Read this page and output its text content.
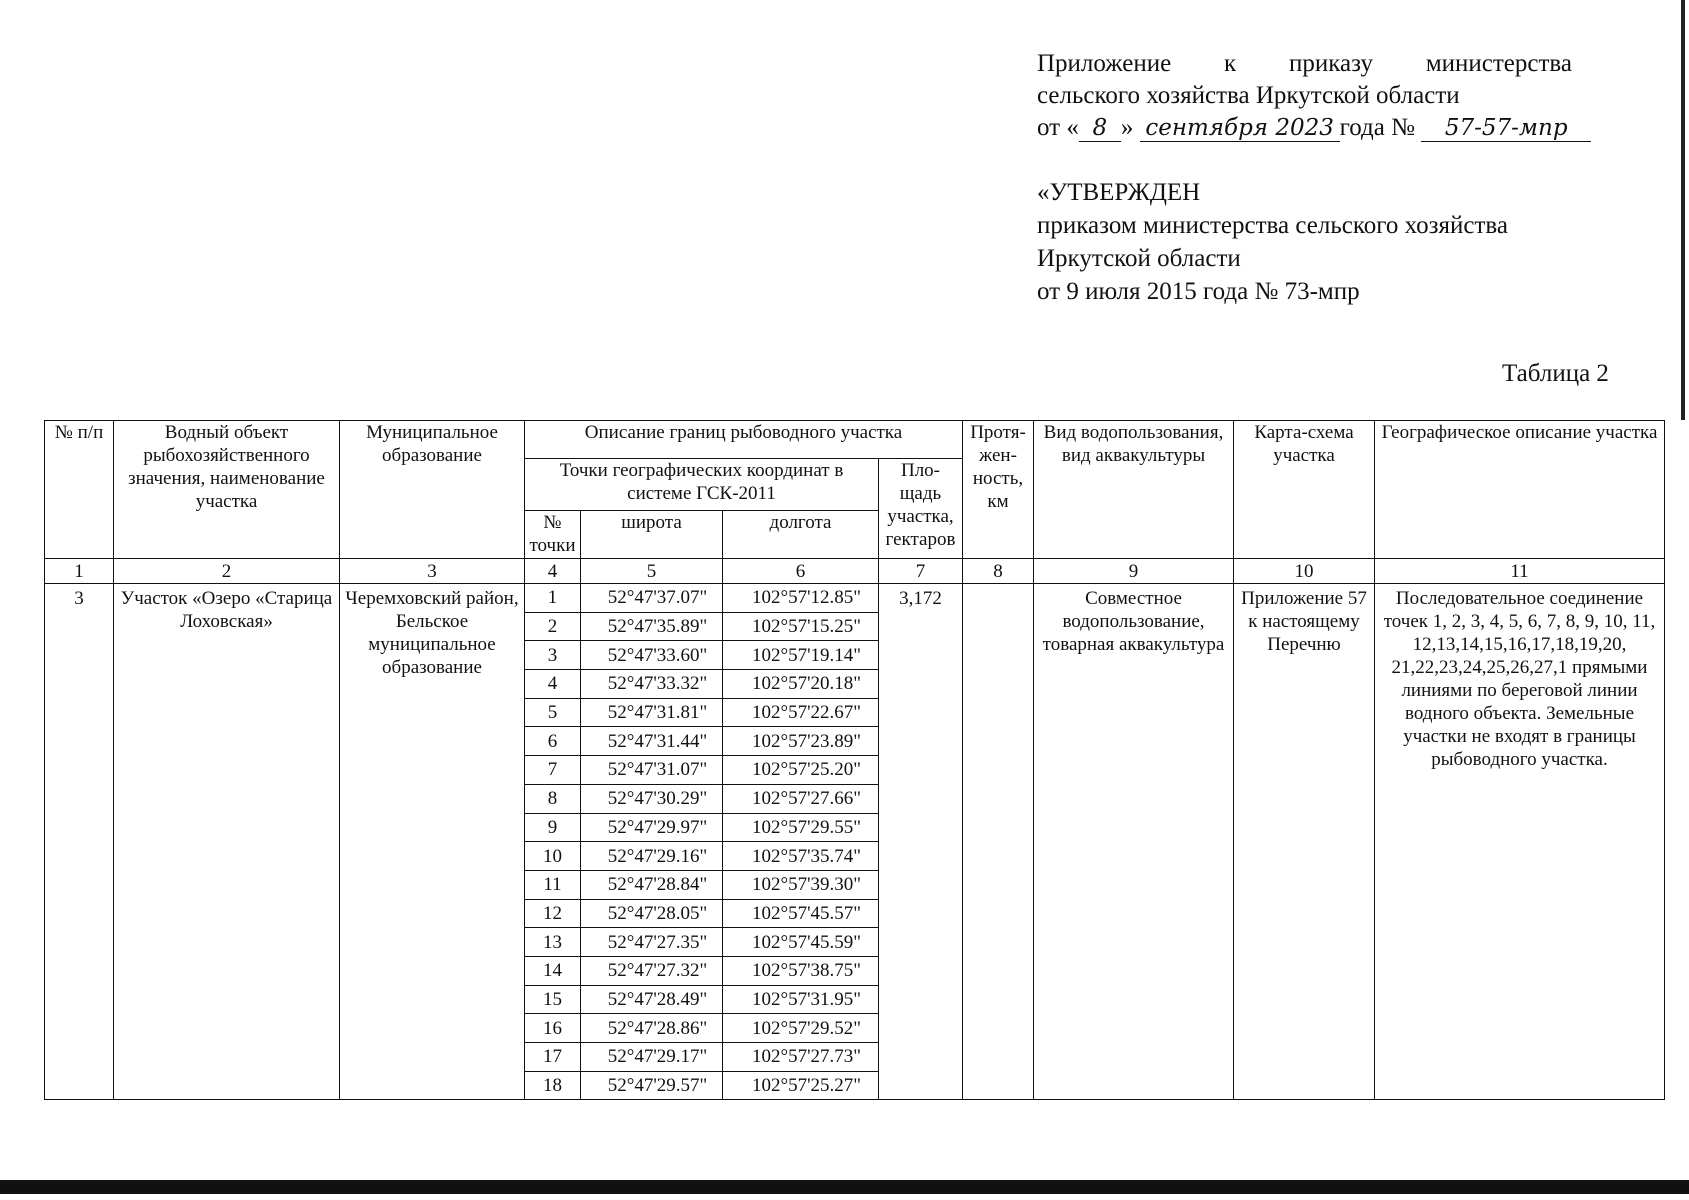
Приложение к приказу министерства
сельского хозяйства Иркутской области
от « 8 » сентября 2023 года № 57-57-мпр
«УТВЕРЖДЕН
приказом министерства сельского хозяйства
Иркутской области
от 9 июля 2015 года № 73-мпр
Таблица 2
№ п/п	Водный объект рыбохозяйственного значения, наименование участка	Муниципальное образование	Описание границ рыбоводного участка				Протя-жен-ность, км	Вид водопользования, вид аквакультуры	Карта-схема участка	Географическое описание участка
			Точки географических координат в системе ГСК-2011			Пло-щадь участка, гектаров				
			№ точки	широта	долгота					
1	2	3	4	5	6	7	8	9	10	11
3	Участок «Озеро «Старица Лоховская»	Черемховский район, Бельское муниципальное образование	1	52°47'37.07"	102°57'12.85"	3,172		Совместное водопользование, товарная аквакультура	Приложение 57 к настоящему Перечню	Последовательное соединение точек 1, 2, 3, 4, 5, 6, 7, 8, 9, 10, 11, 12,13,14,15,16,17,18,19,20, 21,22,23,24,25,26,27,1 прямыми линиями по береговой линии водного объекта. Земельные участки не входят в границы рыбоводного участка.
			2	52°47'35.89"	102°57'15.25"					
			3	52°47'33.60"	102°57'19.14"					
			4	52°47'33.32"	102°57'20.18"					
			5	52°47'31.81"	102°57'22.67"					
			6	52°47'31.44"	102°57'23.89"					
			7	52°47'31.07"	102°57'25.20"					
			8	52°47'30.29"	102°57'27.66"					
			9	52°47'29.97"	102°57'29.55"					
			10	52°47'29.16"	102°57'35.74"					
			11	52°47'28.84"	102°57'39.30"					
			12	52°47'28.05"	102°57'45.57"					
			13	52°47'27.35"	102°57'45.59"					
			14	52°47'27.32"	102°57'38.75"					
			15	52°47'28.49"	102°57'31.95"					
			16	52°47'28.86"	102°57'29.52"					
			17	52°47'29.17"	102°57'27.73"					
			18	52°47'29.57"	102°57'25.27"					
